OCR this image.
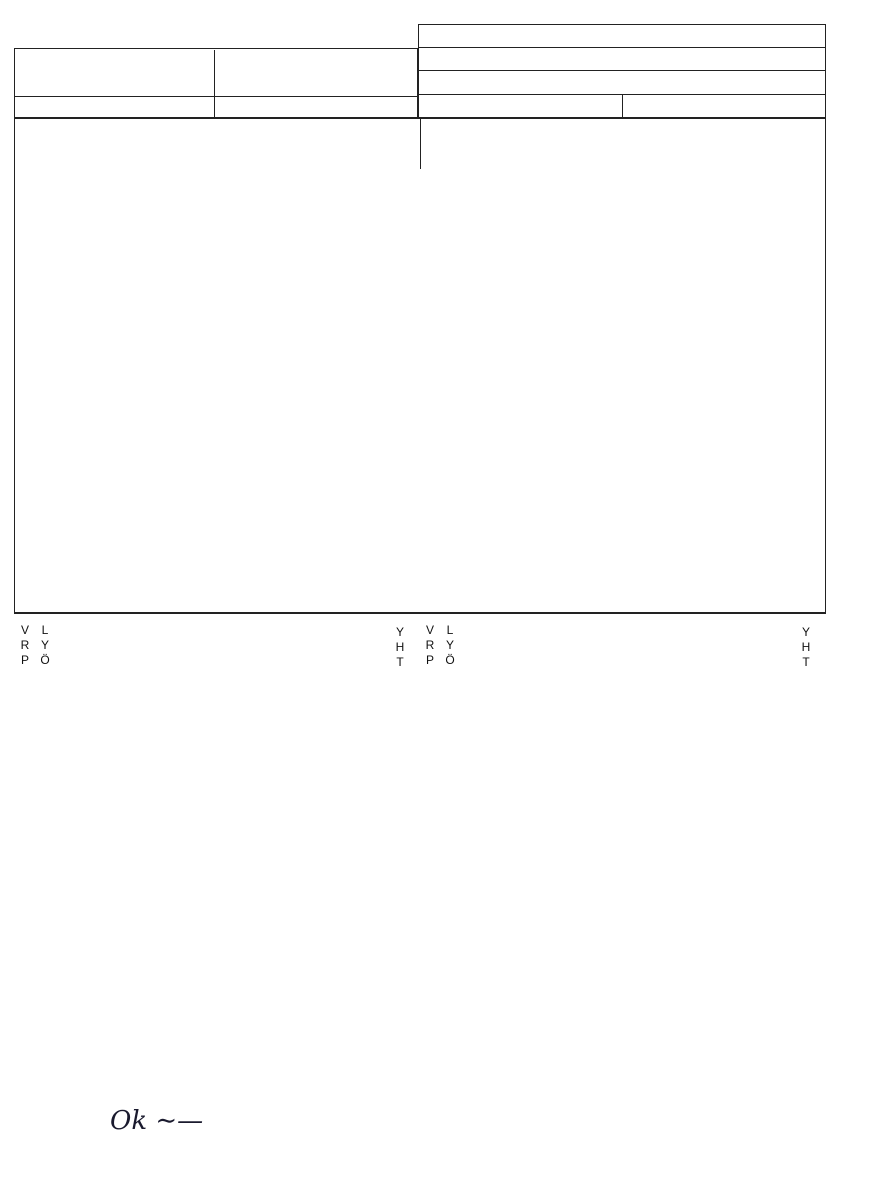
V
R
P
L
Y
Ö
Y
H
T
V
R
P
L
Y
Ö
Y
H
T
Ok ∼—
